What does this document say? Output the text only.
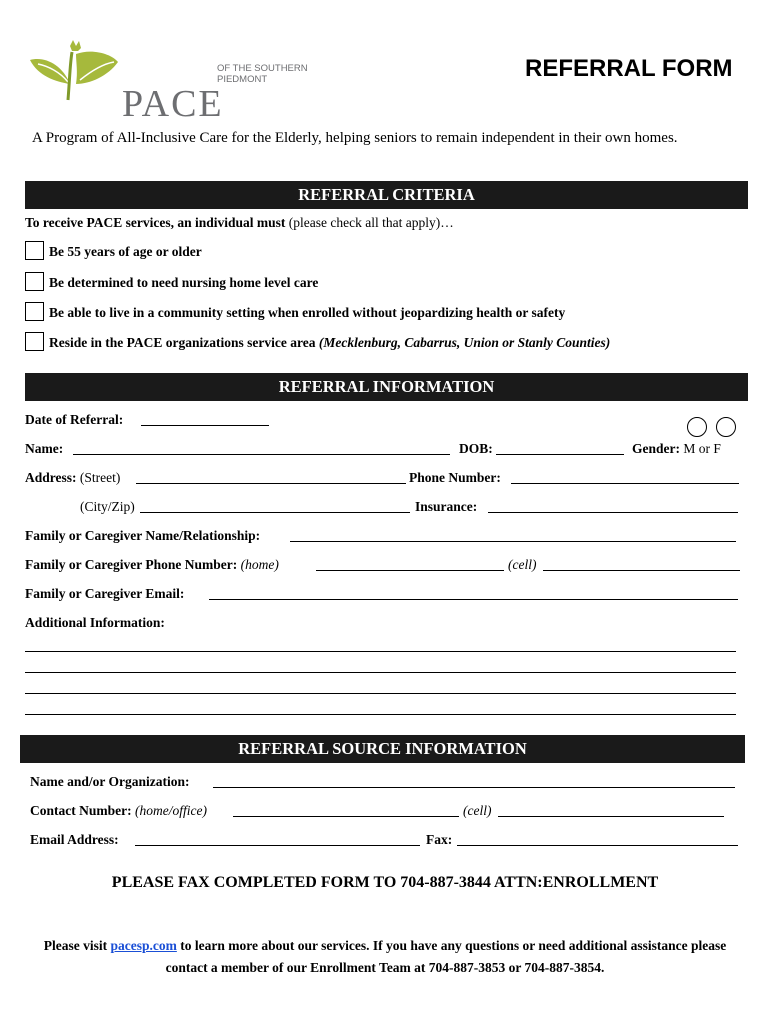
PACE
OF THE SOUTHERN
PIEDMONT	REFERRAL FORM
A Program of All-Inclusive Care for the Elderly, helping seniors to remain independent in their own homes.
REFERRAL CRITERIA
To receive PACE services, an individual must (please check all that apply)…
Be 55 years of age or older
Be determined to need nursing home level care
Be able to live in a community setting when enrolled without jeopardizing health or safety
Reside in the PACE organizations service area (Mecklenburg, Cabarrus, Union or Stanly Counties)
REFERRAL INFORMATION
Date of Referral:
Name:	DOB:	Gender: M or F
Address: (Street)	Phone Number:
(City/Zip)	Insurance:
Family or Caregiver Name/Relationship:
Family or Caregiver Phone Number: (home)	(cell)
Family or Caregiver Email:
Additional Information:
REFERRAL SOURCE INFORMATION
Name and/or Organization:
Contact Number: (home/office)	(cell)
Email Address:	Fax:
PLEASE FAX COMPLETED FORM TO 704-887-3844 ATTN:ENROLLMENT
Please visit pacesp.com to learn more about our services. If you have any questions or need additional assistance please contact a member of our Enrollment Team at 704-887-3853 or 704-887-3854.
